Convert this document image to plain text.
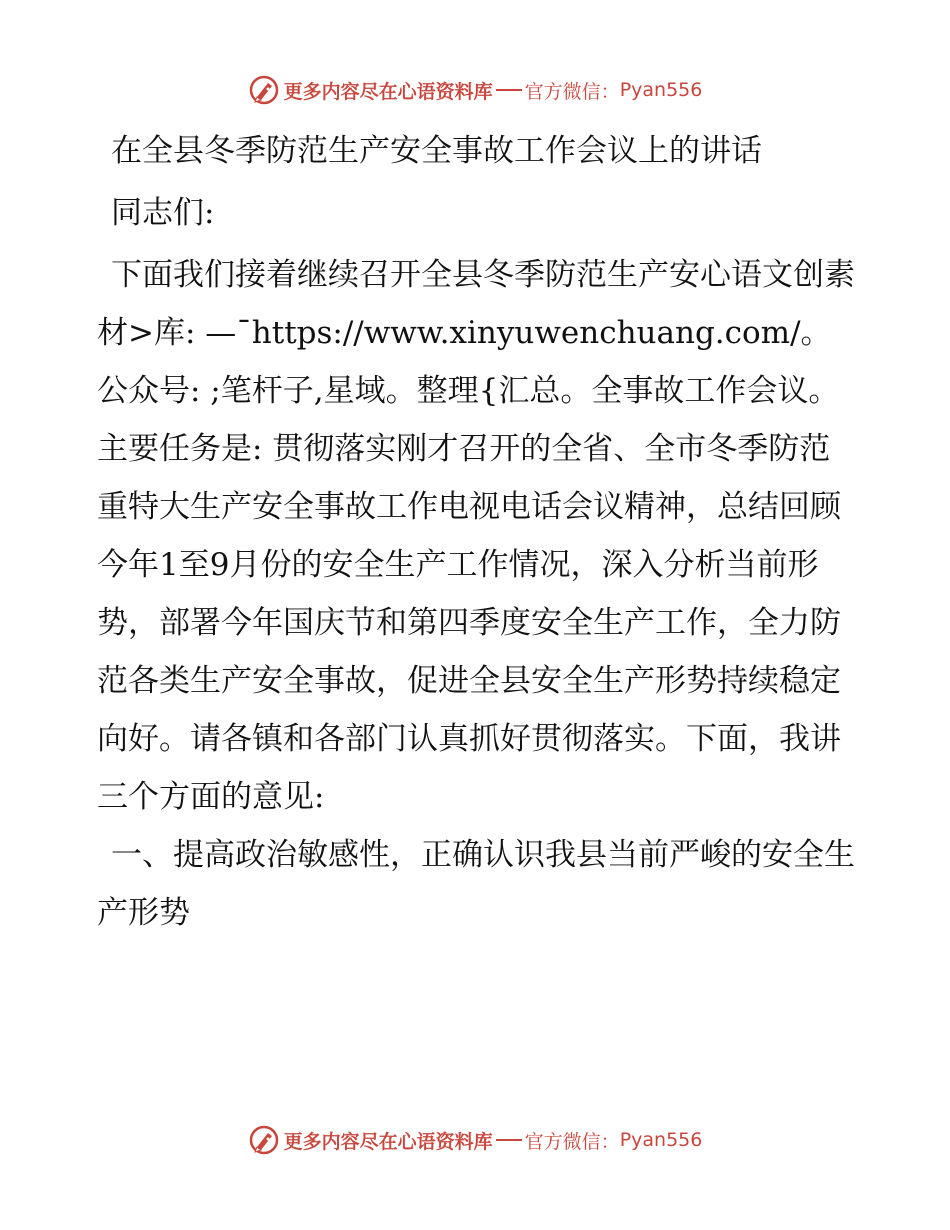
更多内容尽在心语资料库 官方微信： Pyan556

在全县冬季防范生产安全事故工作会议上的讲话

同志们:

下面我们接着继续召开全县冬季防范生产安心语文创素材>库: —¯https://www.xinyuwenchuang.com/。公众号: ;笔杆子,星域。整理{汇总。全事故工作会议。主要任务是: 贯彻落实刚才召开的全省、全市冬季防范重特大生产安全事故工作电视电话会议精神，总结回顾今年1至9月份的安全生产工作情况，深入分析当前形势，部署今年国庆节和第四季度安全生产工作，全力防范各类生产安全事故，促进全县安全生产形势持续稳定向好。请各镇和各部门认真抓好贯彻落实。下面，我讲三个方面的意见:

一、提高政治敏感性，正确认识我县当前严峻的安全生产形势

更多内容尽在心语资料库 官方微信： Pyan556
